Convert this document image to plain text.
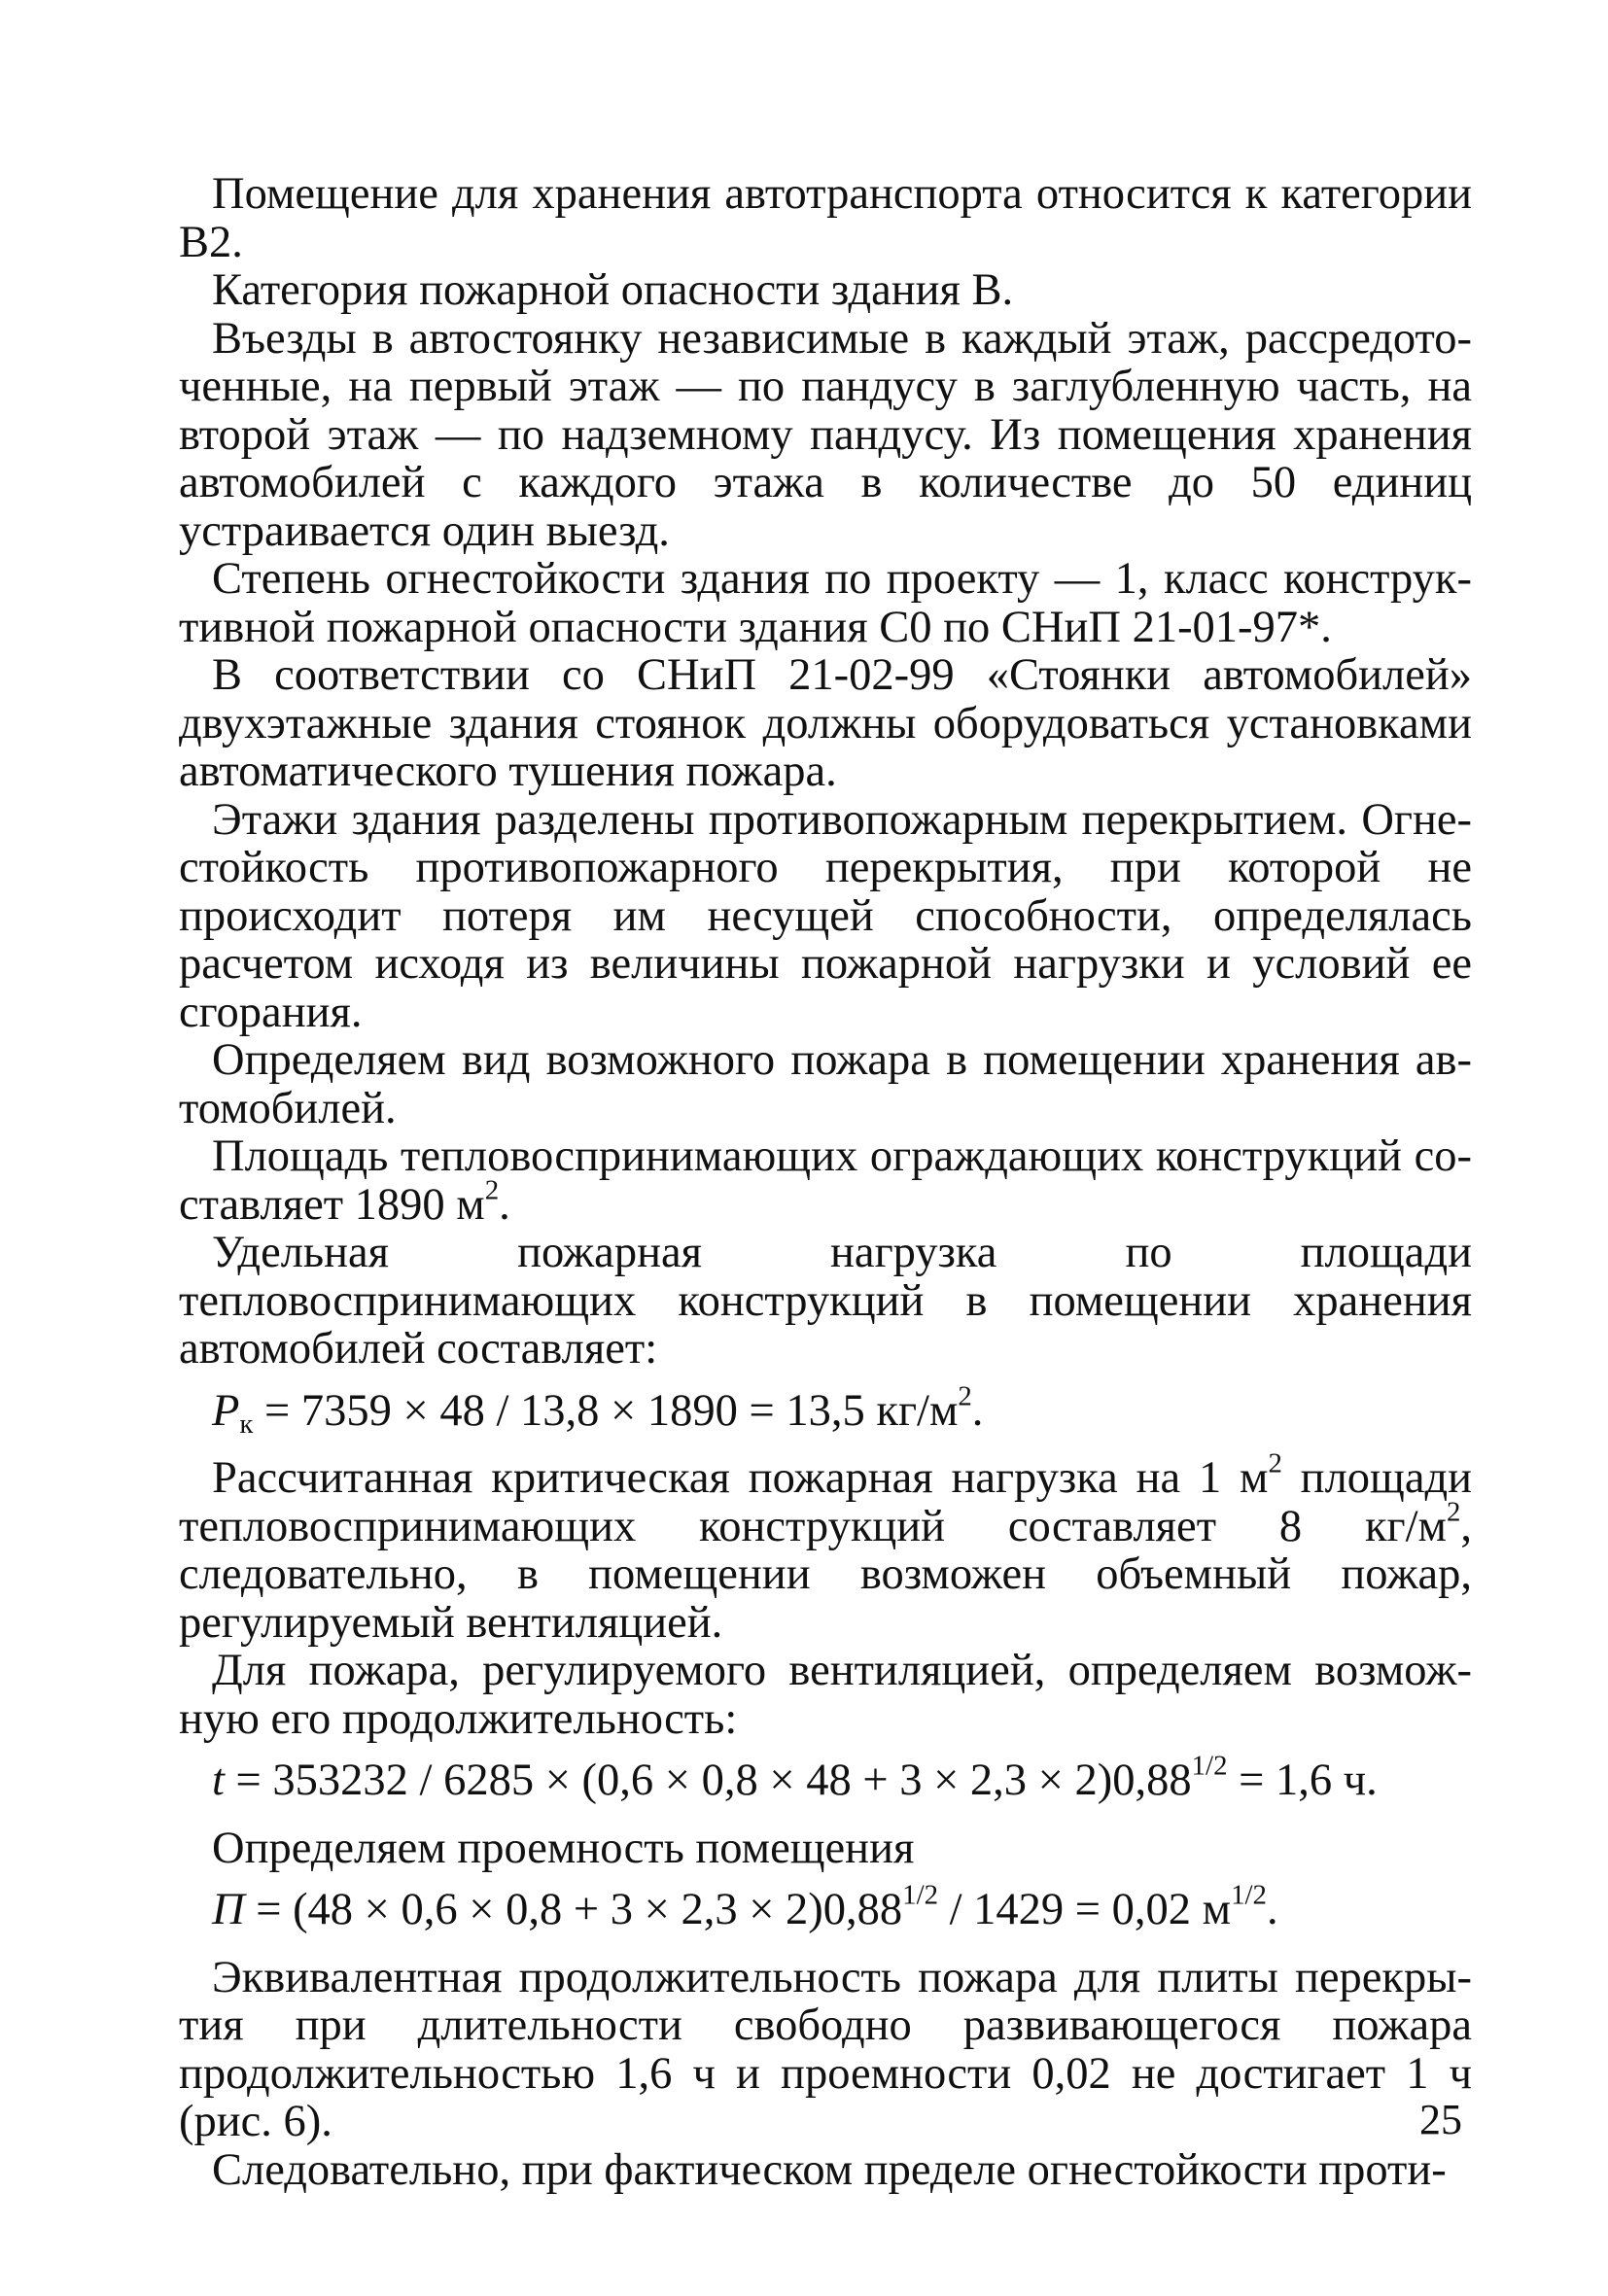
Помещение для хранения автотранспорта относится к категории В2.

Категория пожарной опасности здания В.

Въезды в автостоянку независимые в каждый этаж, рассредоточенные, на первый этаж — по пандусу в заглубленную часть, на второй этаж — по надземному пандусу. Из помещения хранения автомобилей с каждого этажа в количестве до 50 единиц устраивается один выезд.

Степень огнестойкости здания по проекту — 1, класс конструктивной пожарной опасности здания С0 по СНиП 21-01-97*.

В соответствии со СНиП 21-02-99 «Стоянки автомобилей» двухэтажные здания стоянок должны оборудоваться установками автоматического тушения пожара.

Этажи здания разделены противопожарным перекрытием. Огнестойкость противопожарного перекрытия, при которой не происходит потеря им несущей способности, определялась расчетом исходя из величины пожарной нагрузки и условий ее сгорания.

Определяем вид возможного пожара в помещении хранения автомобилей.

Площадь тепловоспринимающих ограждающих конструкций составляет 1890 $м^2$.

Удельная пожарная нагрузка по площади тепловоспринимающих конструкций в помещении хранения автомобилей составляет:

$P_к = 7359 \times 48 / 13,8 \times 1890 = 13,5$ $кг/м^2$.

Рассчитанная критическая пожарная нагрузка на 1 $м^2$ площади тепловоспринимающих конструкций составляет 8 $кг/м^2$, следовательно, в помещении возможен объемный пожар, регулируемый вентиляцией.

Для пожара, регулируемого вентиляцией, определяем возможную его продолжительность:

$t = 353232 / 6285 \times (0,6 \times 0,8 \times 48 + 3 \times 2,3 \times 2)0,88^{1/2} = 1,6$ ч.

Определяем проемность помещения

$П = (48 \times 0,6 \times 0,8 + 3 \times 2,3 \times 2)0,88^{1/2} / 1429 = 0,02$ $м^{1/2}$.

Эквивалентная продолжительность пожара для плиты перекрытия при длительности свободно развивающегося пожара продолжительностью 1,6 ч и проемности 0,02 не достигает 1 ч (рис. 6).

Следовательно, при фактическом пределе огнестойкости проти-

25
